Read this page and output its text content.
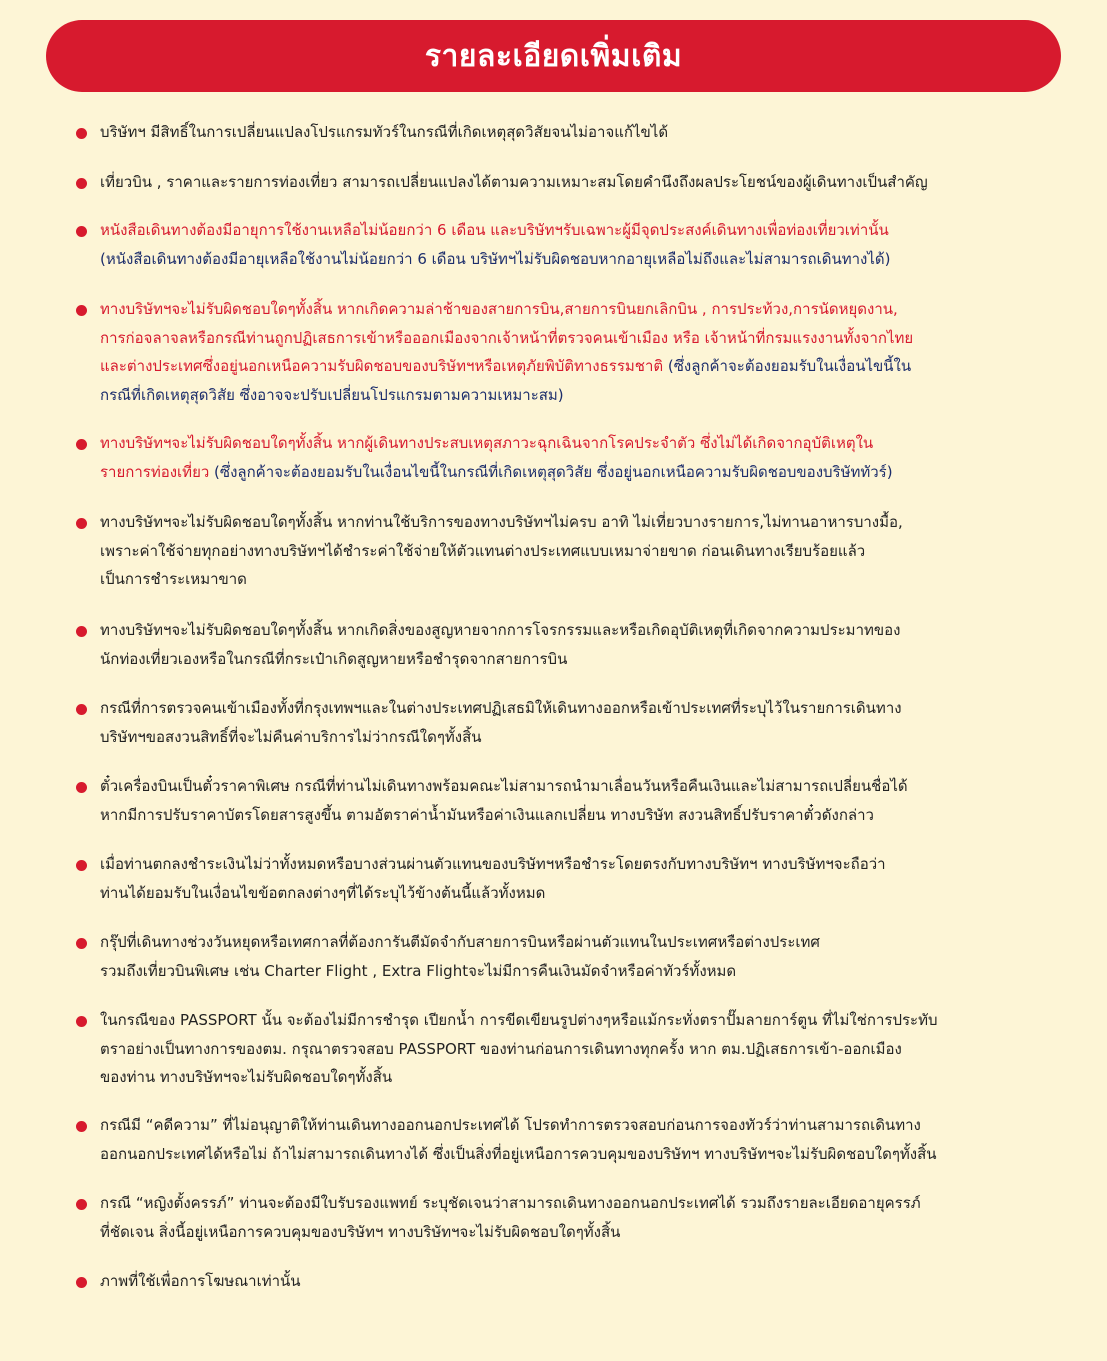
รายละเอียดเพิ่มเติม
บริษัทฯ มีสิทธิ์ในการเปลี่ยนแปลงโปรแกรมทัวร์ในกรณีที่เกิดเหตุสุดวิสัยจนไม่อาจแก้ไขได้
เที่ยวบิน , ราคาและรายการท่องเที่ยว สามารถเปลี่ยนแปลงได้ตามความเหมาะสมโดยคำนึงถึงผลประโยชน์ของผู้เดินทางเป็นสำคัญ
หนังสือเดินทางต้องมีอายุการใช้งานเหลือไม่น้อยกว่า 6 เดือน และบริษัทฯรับเฉพาะผู้มีจุดประสงค์เดินทางเพื่อท่องเที่ยวเท่านั้น
(หนังสือเดินทางต้องมีอายุเหลือใช้งานไม่น้อยกว่า 6 เดือน บริษัทฯไม่รับผิดชอบหากอายุเหลือไม่ถึงและไม่สามารถเดินทางได้)
ทางบริษัทฯจะไม่รับผิดชอบใดๆทั้งสิ้น หากเกิดความล่าช้าของสายการบิน,สายการบินยกเลิกบิน , การประท้วง,การนัดหยุดงาน,
การก่อจลาจลหรือกรณีท่านถูกปฏิเสธการเข้าหรือออกเมืองจากเจ้าหน้าที่ตรวจคนเข้าเมือง หรือ เจ้าหน้าที่กรมแรงงานทั้งจากไทย
และต่างประเทศซึ่งอยู่นอกเหนือความรับผิดชอบของบริษัทฯหรือเหตุภัยพิบัติทางธรรมชาติ (ซึ่งลูกค้าจะต้องยอมรับในเงื่อนไขนี้ใน
กรณีที่เกิดเหตุสุดวิสัย ซึ่งอาจจะปรับเปลี่ยนโปรแกรมตามความเหมาะสม)
ทางบริษัทฯจะไม่รับผิดชอบใดๆทั้งสิ้น หากผู้เดินทางประสบเหตุสภาวะฉุกเฉินจากโรคประจำตัว ซึ่งไม่ได้เกิดจากอุบัติเหตุใน
รายการท่องเที่ยว (ซึ่งลูกค้าจะต้องยอมรับในเงื่อนไขนี้ในกรณีที่เกิดเหตุสุดวิสัย ซึ่งอยู่นอกเหนือความรับผิดชอบของบริษัททัวร์)
ทางบริษัทฯจะไม่รับผิดชอบใดๆทั้งสิ้น หากท่านใช้บริการของทางบริษัทฯไม่ครบ อาทิ ไม่เที่ยวบางรายการ,ไม่ทานอาหารบางมื้อ,
เพราะค่าใช้จ่ายทุกอย่างทางบริษัทฯได้ชำระค่าใช้จ่ายให้ตัวแทนต่างประเทศแบบเหมาจ่ายขาด ก่อนเดินทางเรียบร้อยแล้ว
เป็นการชำระเหมาขาด
ทางบริษัทฯจะไม่รับผิดชอบใดๆทั้งสิ้น หากเกิดสิ่งของสูญหายจากการโจรกรรมและหรือเกิดอุบัติเหตุที่เกิดจากความประมาทของ
นักท่องเที่ยวเองหรือในกรณีที่กระเป๋าเกิดสูญหายหรือชำรุดจากสายการบิน
กรณีที่การตรวจคนเข้าเมืองทั้งที่กรุงเทพฯและในต่างประเทศปฏิเสธมิให้เดินทางออกหรือเข้าประเทศที่ระบุไว้ในรายการเดินทาง
บริษัทฯขอสงวนสิทธิ์ที่จะไม่คืนค่าบริการไม่ว่ากรณีใดๆทั้งสิ้น
ตั๋วเครื่องบินเป็นตั๋วราคาพิเศษ กรณีที่ท่านไม่เดินทางพร้อมคณะไม่สามารถนำมาเลื่อนวันหรือคืนเงินและไม่สามารถเปลี่ยนชื่อได้
หากมีการปรับราคาบัตรโดยสารสูงขึ้น ตามอัตราค่าน้ำมันหรือค่าเงินแลกเปลี่ยน ทางบริษัท สงวนสิทธิ์ปรับราคาตั๋วดังกล่าว
เมื่อท่านตกลงชำระเงินไม่ว่าทั้งหมดหรือบางส่วนผ่านตัวแทนของบริษัทฯหรือชำระโดยตรงกับทางบริษัทฯ ทางบริษัทฯจะถือว่า
ท่านได้ยอมรับในเงื่อนไขข้อตกลงต่างๆที่ได้ระบุไว้ข้างต้นนี้แล้วทั้งหมด
กรุ๊ปที่เดินทางช่วงวันหยุดหรือเทศกาลที่ต้องการันตีมัดจำกับสายการบินหรือผ่านตัวแทนในประเทศหรือต่างประเทศ
รวมถึงเที่ยวบินพิเศษ เช่น Charter Flight , Extra Flightจะไม่มีการคืนเงินมัดจำหรือค่าทัวร์ทั้งหมด
ในกรณีของ PASSPORT นั้น จะต้องไม่มีการชำรุด เปียกน้ำ การขีดเขียนรูปต่างๆหรือแม้กระทั่งตราปั๊มลายการ์ตูน ที่ไม่ใช่การประทับ
ตราอย่างเป็นทางการของตม. กรุณาตรวจสอบ PASSPORT ของท่านก่อนการเดินทางทุกครั้ง หาก ตม.ปฏิเสธการเข้า-ออกเมือง
ของท่าน ทางบริษัทฯจะไม่รับผิดชอบใดๆทั้งสิ้น
กรณีมี “คดีความ” ที่ไม่อนุญาติให้ท่านเดินทางออกนอกประเทศได้ โปรดทำการตรวจสอบก่อนการจองทัวร์ว่าท่านสามารถเดินทาง
ออกนอกประเทศได้หรือไม่ ถ้าไม่สามารถเดินทางได้ ซึ่งเป็นสิ่งที่อยู่เหนือการควบคุมของบริษัทฯ ทางบริษัทฯจะไม่รับผิดชอบใดๆทั้งสิ้น
กรณี “หญิงตั้งครรภ์” ท่านจะต้องมีใบรับรองแพทย์ ระบุชัดเจนว่าสามารถเดินทางออกนอกประเทศได้ รวมถึงรายละเอียดอายุครรภ์
ที่ชัดเจน สิ่งนี้อยู่เหนือการควบคุมของบริษัทฯ ทางบริษัทฯจะไม่รับผิดชอบใดๆทั้งสิ้น
ภาพที่ใช้เพื่อการโฆษณาเท่านั้น
